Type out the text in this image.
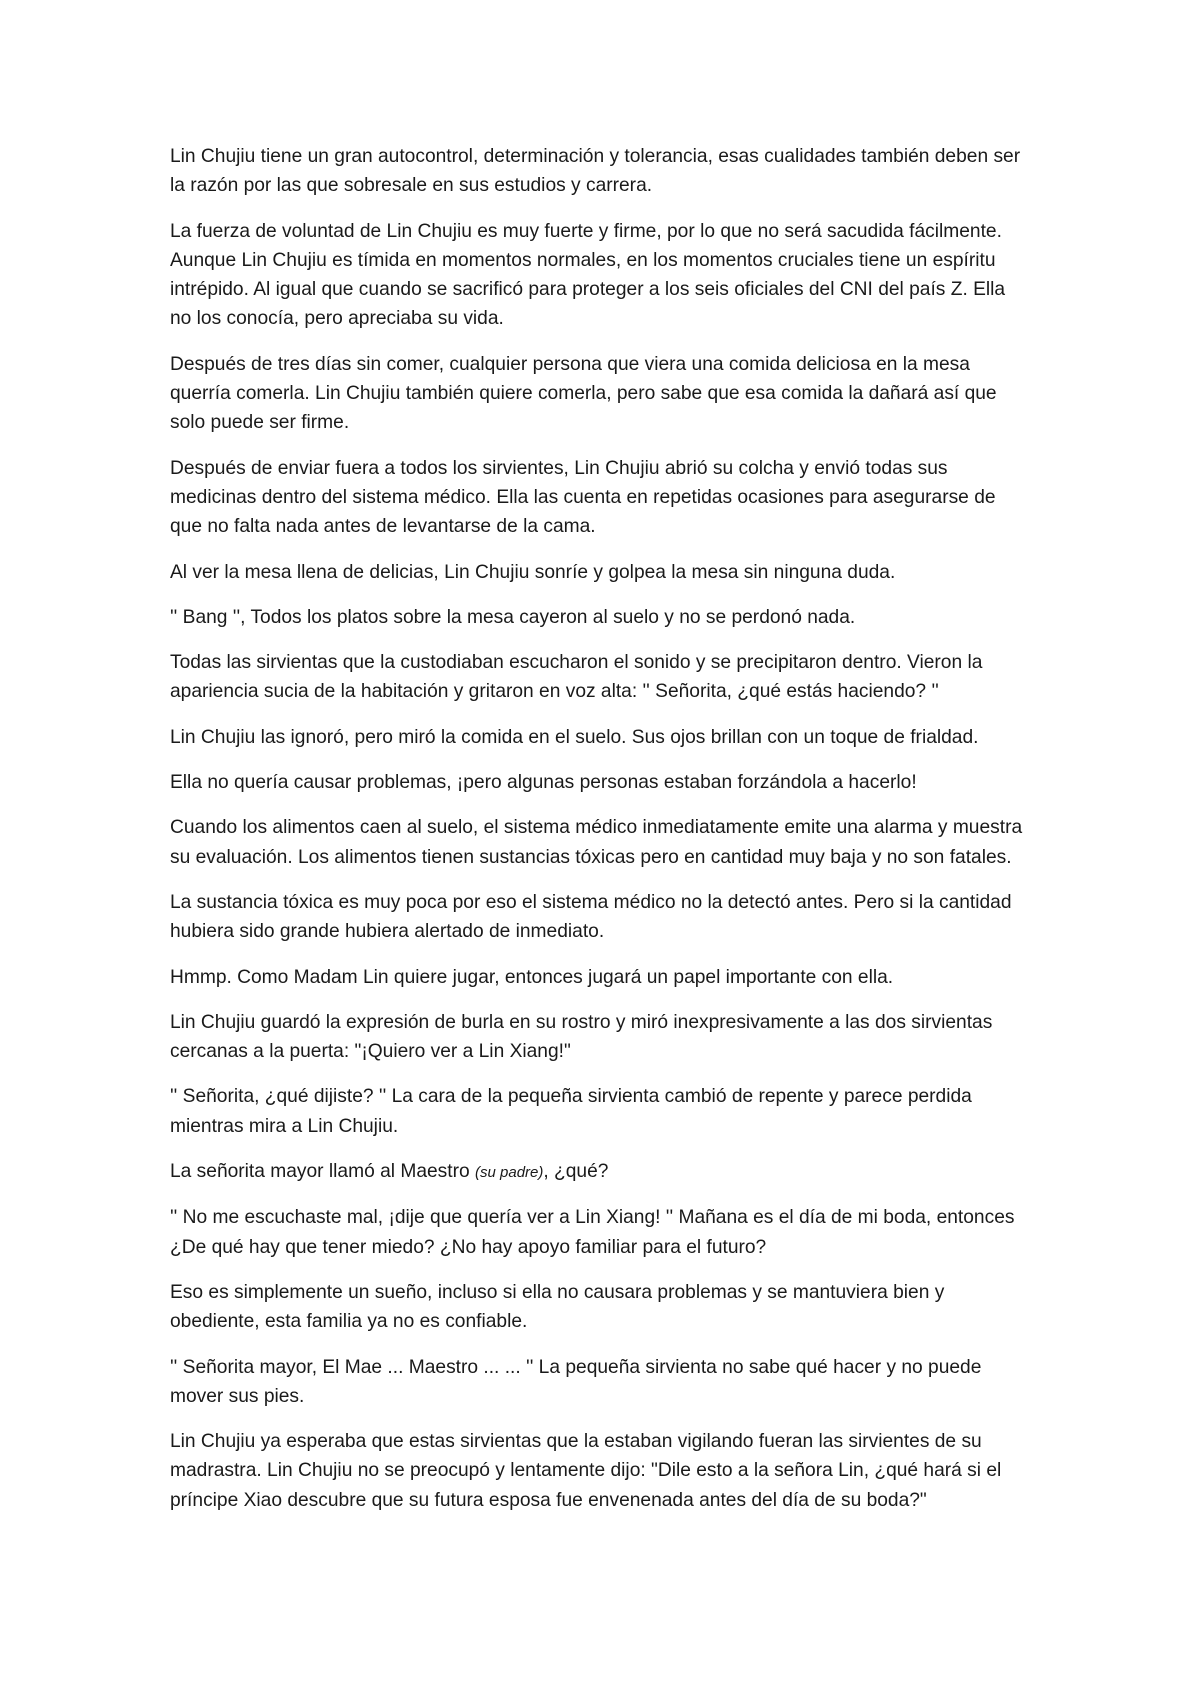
Lin Chujiu tiene un gran autocontrol, determinación y tolerancia, esas cualidades también deben ser la razón por las que sobresale en sus estudios y carrera.

La fuerza de voluntad de Lin Chujiu es muy fuerte y firme, por lo que no será sacudida fácilmente. Aunque Lin Chujiu es tímida en momentos normales, en los momentos cruciales tiene un espíritu intrépido. Al igual que cuando se sacrificó para proteger a los seis oficiales del CNI del país Z. Ella no los conocía, pero apreciaba su vida.

Después de tres días sin comer, cualquier persona que viera una comida deliciosa en la mesa querría comerla. Lin Chujiu también quiere comerla, pero sabe que esa comida la dañará así que solo puede ser firme.

Después de enviar fuera a todos los sirvientes, Lin Chujiu abrió su colcha y envió todas sus medicinas dentro del sistema médico. Ella las cuenta en repetidas ocasiones para asegurarse de que no falta nada antes de levantarse de la cama.

Al ver la mesa llena de delicias, Lin Chujiu sonríe y golpea la mesa sin ninguna duda.

'' Bang '', Todos los platos sobre la mesa cayeron al suelo y no se perdonó nada.

Todas las sirvientas que la custodiaban escucharon el sonido y se precipitaron dentro. Vieron la apariencia sucia de la habitación y gritaron en voz alta: '' Señorita, ¿qué estás haciendo? ''

Lin Chujiu las ignoró, pero miró la comida en el suelo. Sus ojos brillan con un toque de frialdad.

Ella no quería causar problemas, ¡pero algunas personas estaban forzándola a hacerlo!

Cuando los alimentos caen al suelo, el sistema médico inmediatamente emite una alarma y muestra su evaluación. Los alimentos tienen sustancias tóxicas pero en cantidad muy baja y no son fatales.

La sustancia tóxica es muy poca por eso el sistema médico no la detectó antes. Pero si la cantidad hubiera sido grande hubiera alertado de inmediato.

Hmmp. Como Madam Lin quiere jugar, entonces jugará un papel importante con ella.

Lin Chujiu guardó la expresión de burla en su rostro y miró inexpresivamente a las dos sirvientas cercanas a la puerta: "¡Quiero ver a Lin Xiang!"

'' Señorita, ¿qué dijiste? '' La cara de la pequeña sirvienta cambió de repente y parece perdida mientras mira a Lin Chujiu.

La señorita mayor llamó al Maestro (su padre), ¿qué?

'' No me escuchaste mal, ¡dije que quería ver a Lin Xiang! '' Mañana es el día de mi boda, entonces ¿De qué hay que tener miedo? ¿No hay apoyo familiar para el futuro?

Eso es simplemente un sueño, incluso si ella no causara problemas y se mantuviera bien y obediente, esta familia ya no es confiable.

'' Señorita mayor, El Mae ... Maestro ... ... '' La pequeña sirvienta no sabe qué hacer y no puede mover sus pies.

Lin Chujiu ya esperaba que estas sirvientas que la estaban vigilando fueran las sirvientes de su madrastra. Lin Chujiu no se preocupó y lentamente dijo: "Dile esto a la señora Lin, ¿qué hará si el príncipe Xiao descubre que su futura esposa fue envenenada antes del día de su boda?"
